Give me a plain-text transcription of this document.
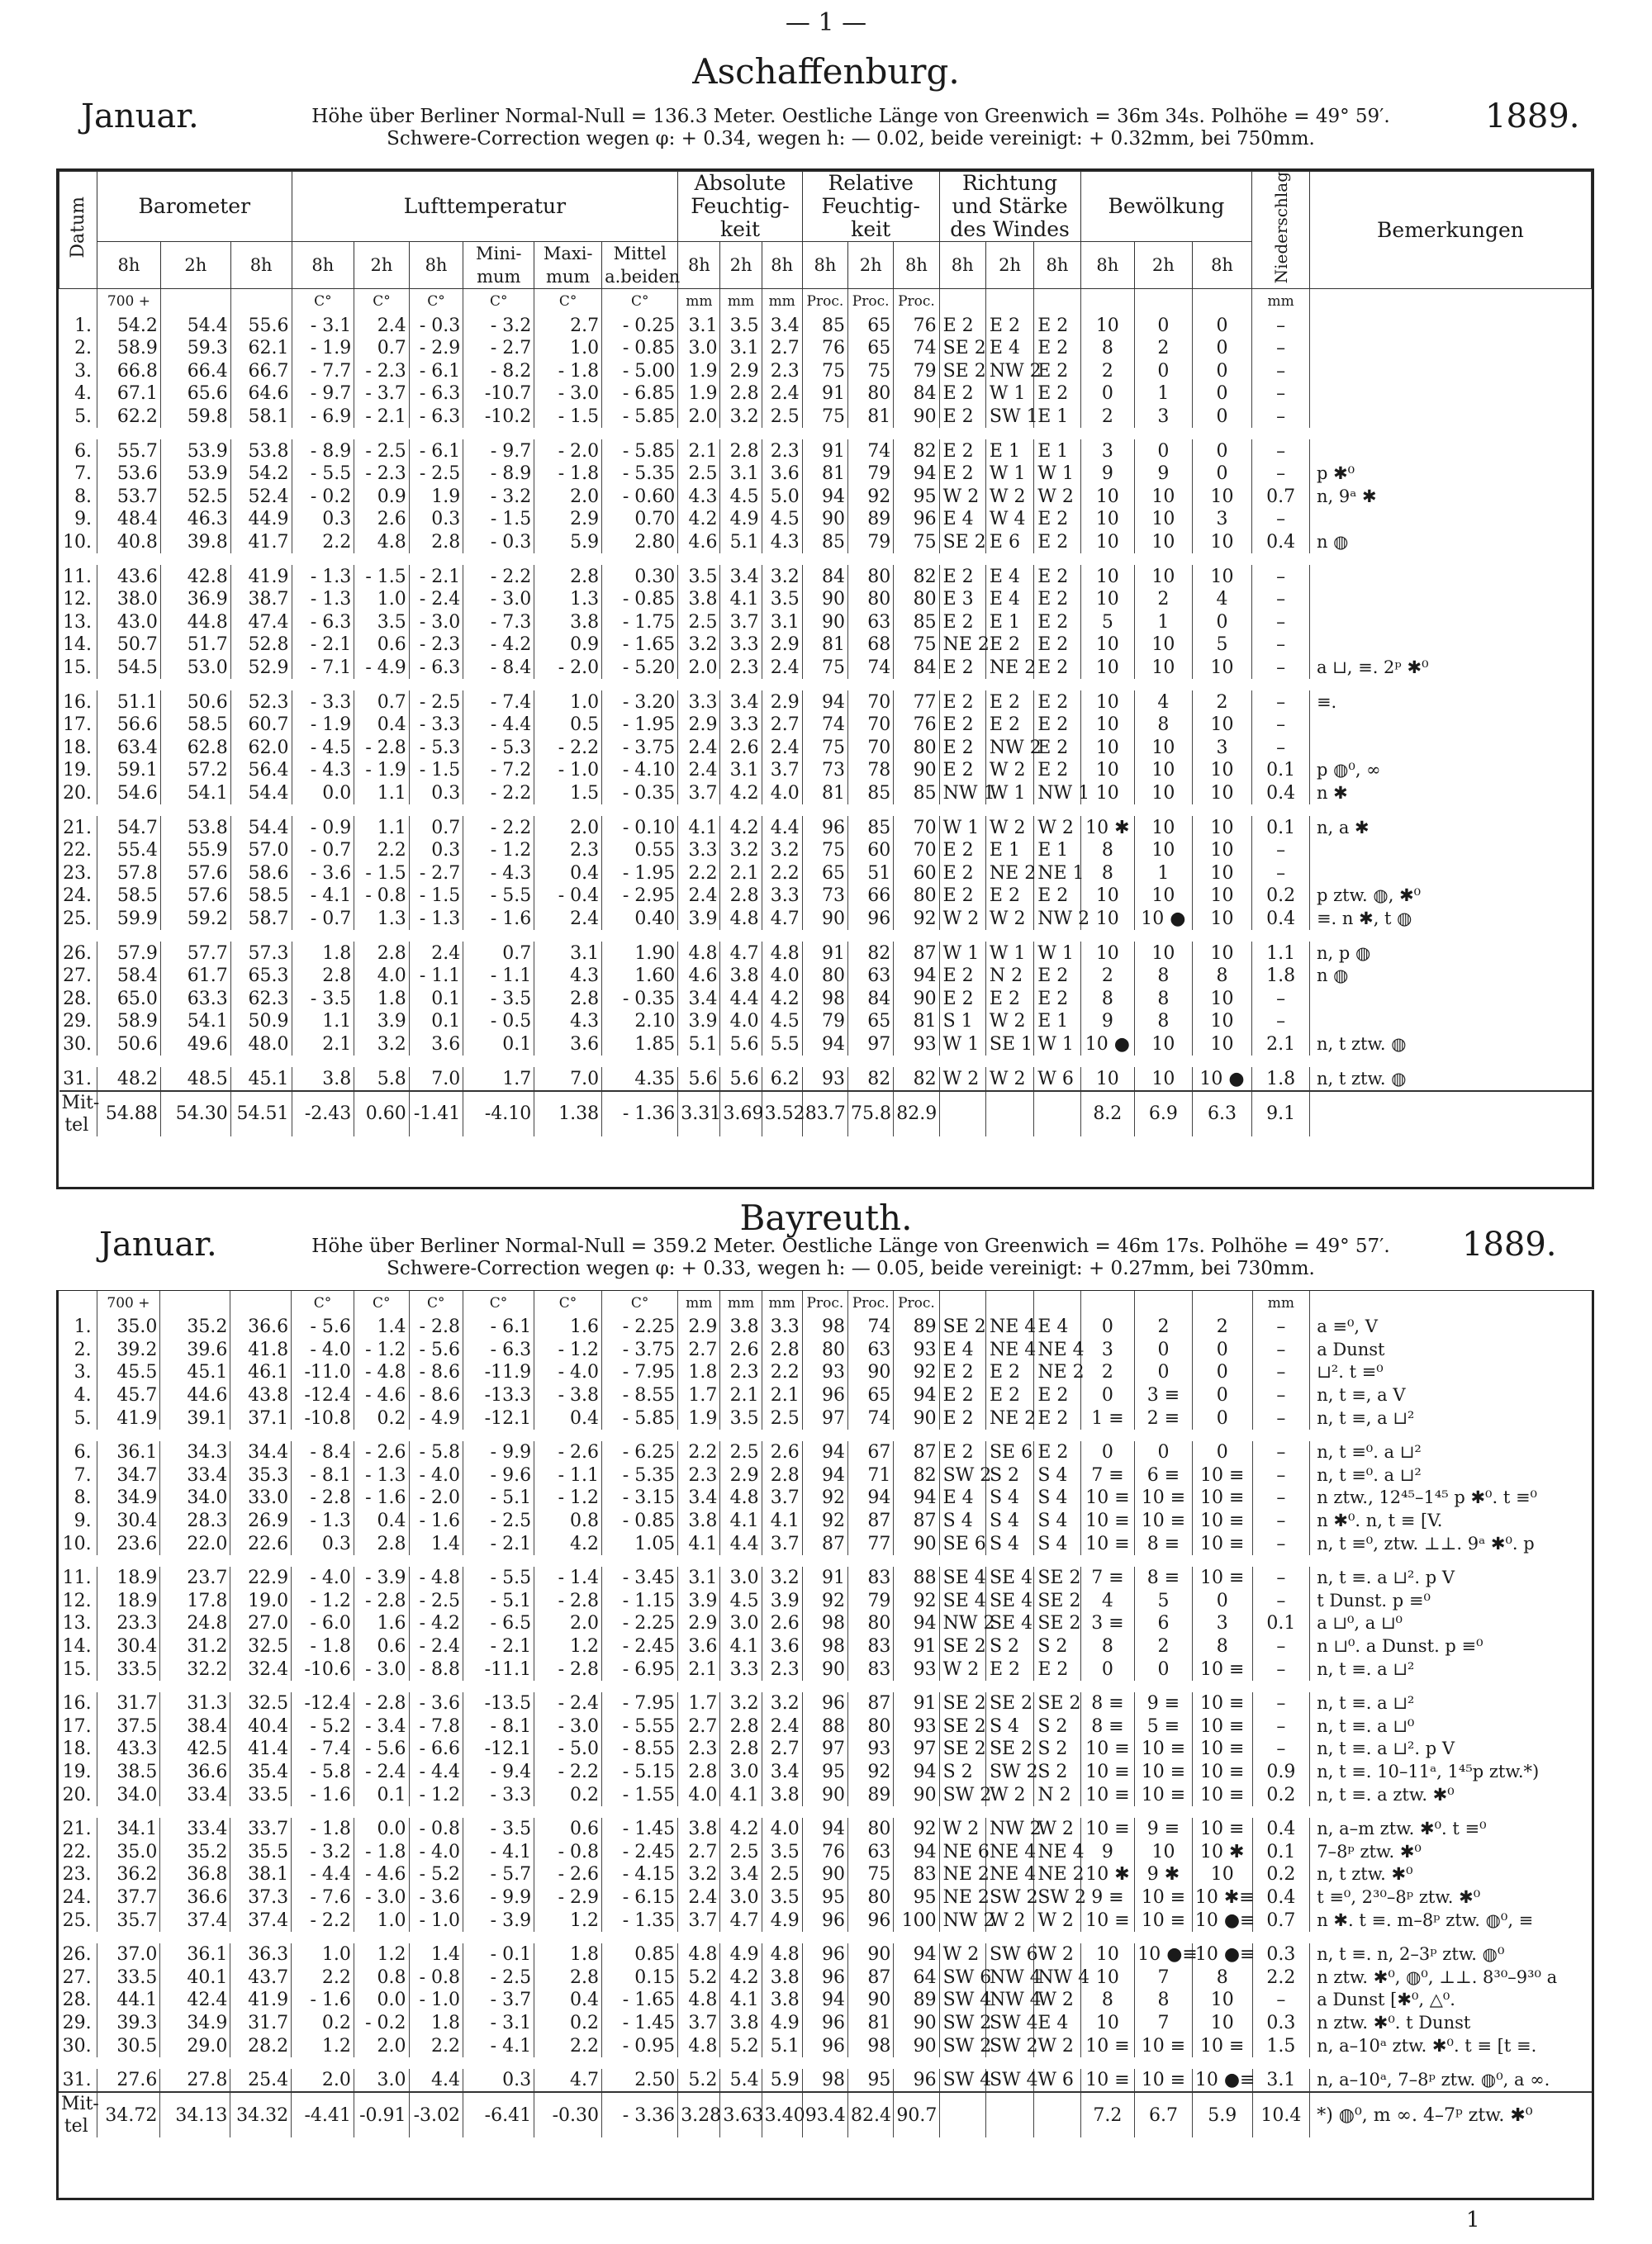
— 1 —
Aschaffenburg.
Januar.	1889.
Höhe über Berliner Normal-Null = 136.3 Meter. Oestliche Länge von Greenwich = 36m 34s. Polhöhe = 49° 59′.
Schwere-Correction wegen φ: + 0.34, wegen h: — 0.02, beide vereinigt: + 0.32mm, bei 750mm.
Datum	Barometer			Lufttemperatur						Absolute Feuchtig- keit			Relative Feuchtig- keit			Richtung und Stärke des Windes			Bewölkung			Niederschlag	Bemerkungen
	8h	2h	8h	8h	2h	8h	Mini- mum	Maxi- mum	Mittel a.beiden	8h	2h	8h	8h	2h	8h	8h	2h	8h	8h	2h	8h		
	700 +			C°	C°	C°	C°	C°	C°	mm	mm	mm	Proc.	Proc.	Proc.							mm	
1.	54.2	54.4	55.6	- 3.1	2.4	- 0.3	- 3.2	2.7	- 0.25	3.1	3.5	3.4	85	65	76	E 2	E 2	E 2	10	0	0	–	
2.	58.9	59.3	62.1	- 1.9	0.7	- 2.9	- 2.7	1.0	- 0.85	3.0	3.1	2.7	76	65	74	SE 2	E 4	E 2	8	2	0	–	
3.	66.8	66.4	66.7	- 7.7	- 2.3	- 6.1	- 8.2	- 1.8	- 5.00	1.9	2.9	2.3	75	75	79	SE 2	NW 2	E 2	2	0	0	–	
4.	67.1	65.6	64.6	- 9.7	- 3.7	- 6.3	-10.7	- 3.0	- 6.85	1.9	2.8	2.4	91	80	84	E 2	W 1	E 2	0	1	0	–	
5.	62.2	59.8	58.1	- 6.9	- 2.1	- 6.3	-10.2	- 1.5	- 5.85	2.0	3.2	2.5	75	81	90	E 2	SW 1	E 1	2	3	0	–	

6.	55.7	53.9	53.8	- 8.9	- 2.5	- 6.1	- 9.7	- 2.0	- 5.85	2.1	2.8	2.3	91	74	82	E 2	E 1	E 1	3	0	0	–	
7.	53.6	53.9	54.2	- 5.5	- 2.3	- 2.5	- 8.9	- 1.8	- 5.35	2.5	3.1	3.6	81	79	94	E 2	W 1	W 1	9	9	0	–	p ✱⁰
8.	53.7	52.5	52.4	- 0.2	0.9	1.9	- 3.2	2.0	- 0.60	4.3	4.5	5.0	94	92	95	W 2	W 2	W 2	10	10	10	0.7	n, 9ᵃ ✱
9.	48.4	46.3	44.9	0.3	2.6	0.3	- 1.5	2.9	0.70	4.2	4.9	4.5	90	89	96	E 4	W 4	E 2	10	10	3	–	
10.	40.8	39.8	41.7	2.2	4.8	2.8	- 0.3	5.9	2.80	4.6	5.1	4.3	85	79	75	SE 2	E 6	E 2	10	10	10	0.4	n ◍

11.	43.6	42.8	41.9	- 1.3	- 1.5	- 2.1	- 2.2	2.8	0.30	3.5	3.4	3.2	84	80	82	E 2	E 4	E 2	10	10	10	–	
12.	38.0	36.9	38.7	- 1.3	1.0	- 2.4	- 3.0	1.3	- 0.85	3.8	4.1	3.5	90	80	80	E 3	E 4	E 2	10	2	4	–	
13.	43.0	44.8	47.4	- 6.3	3.5	- 3.0	- 7.3	3.8	- 1.75	2.5	3.7	3.1	90	63	85	E 2	E 1	E 2	5	1	0	–	
14.	50.7	51.7	52.8	- 2.1	0.6	- 2.3	- 4.2	0.9	- 1.65	3.2	3.3	2.9	81	68	75	NE 2	E 2	E 2	10	10	5	–	
15.	54.5	53.0	52.9	- 7.1	- 4.9	- 6.3	- 8.4	- 2.0	- 5.20	2.0	2.3	2.4	75	74	84	E 2	NE 2	E 2	10	10	10	–	a ⊔, ≡. 2ᵖ ✱⁰

16.	51.1	50.6	52.3	- 3.3	0.7	- 2.5	- 7.4	1.0	- 3.20	3.3	3.4	2.9	94	70	77	E 2	E 2	E 2	10	4	2	–	≡.
17.	56.6	58.5	60.7	- 1.9	0.4	- 3.3	- 4.4	0.5	- 1.95	2.9	3.3	2.7	74	70	76	E 2	E 2	E 2	10	8	10	–	
18.	63.4	62.8	62.0	- 4.5	- 2.8	- 5.3	- 5.3	- 2.2	- 3.75	2.4	2.6	2.4	75	70	80	E 2	NW 2	E 2	10	10	3	–	
19.	59.1	57.2	56.4	- 4.3	- 1.9	- 1.5	- 7.2	- 1.0	- 4.10	2.4	3.1	3.7	73	78	90	E 2	W 2	E 2	10	10	10	0.1	p ◍⁰, ∞
20.	54.6	54.1	54.4	0.0	1.1	0.3	- 2.2	1.5	- 0.35	3.7	4.2	4.0	81	85	85	NW 1	W 1	NW 1	10	10	10	0.4	n ✱

21.	54.7	53.8	54.4	- 0.9	1.1	0.7	- 2.2	2.0	- 0.10	4.1	4.2	4.4	96	85	70	W 1	W 2	W 2	10 ✱	10	10	0.1	n, a ✱
22.	55.4	55.9	57.0	- 0.7	2.2	0.3	- 1.2	2.3	0.55	3.3	3.2	3.2	75	60	70	E 2	E 1	E 1	8	10	10	–	
23.	57.8	57.6	58.6	- 3.6	- 1.5	- 2.7	- 4.3	0.4	- 1.95	2.2	2.1	2.2	65	51	60	E 2	NE 2	NE 1	8	1	10	–	
24.	58.5	57.6	58.5	- 4.1	- 0.8	- 1.5	- 5.5	- 0.4	- 2.95	2.4	2.8	3.3	73	66	80	E 2	E 2	E 2	10	10	10	0.2	p ztw. ◍, ✱⁰
25.	59.9	59.2	58.7	- 0.7	1.3	- 1.3	- 1.6	2.4	0.40	3.9	4.8	4.7	90	96	92	W 2	W 2	NW 2	10	10 ●	10	0.4	≡. n ✱, t ◍

26.	57.9	57.7	57.3	1.8	2.8	2.4	0.7	3.1	1.90	4.8	4.7	4.8	91	82	87	W 1	W 1	W 1	10	10	10	1.1	n, p ◍
27.	58.4	61.7	65.3	2.8	4.0	- 1.1	- 1.1	4.3	1.60	4.6	3.8	4.0	80	63	94	E 2	N 2	E 2	2	8	8	1.8	n ◍
28.	65.0	63.3	62.3	- 3.5	1.8	0.1	- 3.5	2.8	- 0.35	3.4	4.4	4.2	98	84	90	E 2	E 2	E 2	8	8	10	–	
29.	58.9	54.1	50.9	1.1	3.9	0.1	- 0.5	4.3	2.10	3.9	4.0	4.5	79	65	81	S 1	W 2	E 1	9	8	10	–	
30.	50.6	49.6	48.0	2.1	3.2	3.6	0.1	3.6	1.85	5.1	5.6	5.5	94	97	93	W 1	SE 1	W 1	10 ●	10	10	2.1	n, t ztw. ◍

31.	48.2	48.5	45.1	3.8	5.8	7.0	1.7	7.0	4.35	5.6	5.6	6.2	93	82	82	W 2	W 2	W 6	10	10	10 ●	1.8	n, t ztw. ◍
Mit- tel	54.88	54.30	54.51	-2.43	0.60	-1.41	-4.10	1.38	- 1.36	3.31	3.69	3.52	83.7	75.8	82.9				8.2	6.9	6.3	9.1	
Bayreuth.
Januar.	1889.
Höhe über Berliner Normal-Null = 359.2 Meter. Oestliche Länge von Greenwich = 46m 17s. Polhöhe = 49° 57′.
Schwere-Correction wegen φ: + 0.33, wegen h: — 0.05, beide vereinigt: + 0.27mm, bei 730mm.
	700 +			C°	C°	C°	C°	C°	C°	mm	mm	mm	Proc.	Proc.	Proc.							mm	
1.	35.0	35.2	36.6	- 5.6	1.4	- 2.8	- 6.1	1.6	- 2.25	2.9	3.8	3.3	98	74	89	SE 2	NE 4	E 4	0	2	2	–	a ≡⁰, V
2.	39.2	39.6	41.8	- 4.0	- 1.2	- 5.6	- 6.3	- 1.2	- 3.75	2.7	2.6	2.8	80	63	93	E 4	NE 4	NE 4	3	0	0	–	a Dunst
3.	45.5	45.1	46.1	-11.0	- 4.8	- 8.6	-11.9	- 4.0	- 7.95	1.8	2.3	2.2	93	90	92	E 2	E 2	NE 2	2	0	0	–	⊔². t ≡⁰
4.	45.7	44.6	43.8	-12.4	- 4.6	- 8.6	-13.3	- 3.8	- 8.55	1.7	2.1	2.1	96	65	94	E 2	E 2	E 2	0	3 ≡	0	–	n, t ≡, a V
5.	41.9	39.1	37.1	-10.8	0.2	- 4.9	-12.1	0.4	- 5.85	1.9	3.5	2.5	97	74	90	E 2	NE 2	E 2	1 ≡	2 ≡	0	–	n, t ≡, a ⊔²

6.	36.1	34.3	34.4	- 8.4	- 2.6	- 5.8	- 9.9	- 2.6	- 6.25	2.2	2.5	2.6	94	67	87	E 2	SE 6	E 2	0	0	0	–	n, t ≡⁰. a ⊔²
7.	34.7	33.4	35.3	- 8.1	- 1.3	- 4.0	- 9.6	- 1.1	- 5.35	2.3	2.9	2.8	94	71	82	SW 2	S 2	S 4	7 ≡	6 ≡	10 ≡	–	n, t ≡⁰. a ⊔²
8.	34.9	34.0	33.0	- 2.8	- 1.6	- 2.0	- 5.1	- 1.2	- 3.15	3.4	4.8	3.7	92	94	94	E 4	S 4	S 4	10 ≡	10 ≡	10 ≡	–	n ztw., 12⁴⁵–1⁴⁵ p ✱⁰. t ≡⁰
9.	30.4	28.3	26.9	- 1.3	0.4	- 1.6	- 2.5	0.8	- 0.85	3.8	4.1	4.1	92	87	87	S 4	S 4	S 4	10 ≡	10 ≡	10 ≡	–	n ✱⁰. n, t ≡ [V.
10.	23.6	22.0	22.6	0.3	2.8	1.4	- 2.1	4.2	1.05	4.1	4.4	3.7	87	77	90	SE 6	S 4	S 4	10 ≡	8 ≡	10 ≡	–	n, t ≡⁰, ztw. ⊥⊥. 9ᵃ ✱⁰. p

11.	18.9	23.7	22.9	- 4.0	- 3.9	- 4.8	- 5.5	- 1.4	- 3.45	3.1	3.0	3.2	91	83	88	SE 4	SE 4	SE 2	7 ≡	8 ≡	10 ≡	–	n, t ≡. a ⊔². p V
12.	18.9	17.8	19.0	- 1.2	- 2.8	- 2.5	- 5.1	- 2.8	- 1.15	3.9	4.5	3.9	92	79	92	SE 4	SE 4	SE 2	4	5	0	–	t Dunst. p ≡⁰
13.	23.3	24.8	27.0	- 6.0	1.6	- 4.2	- 6.5	2.0	- 2.25	2.9	3.0	2.6	98	80	94	NW 2	SE 4	SE 2	3 ≡	6	3	0.1	a ⊔⁰, a ⊔⁰
14.	30.4	31.2	32.5	- 1.8	0.6	- 2.4	- 2.1	1.2	- 2.45	3.6	4.1	3.6	98	83	91	SE 2	S 2	S 2	8	2	8	–	n ⊔⁰. a Dunst. p ≡⁰
15.	33.5	32.2	32.4	-10.6	- 3.0	- 8.8	-11.1	- 2.8	- 6.95	2.1	3.3	2.3	90	83	93	W 2	E 2	E 2	0	0	10 ≡	–	n, t ≡. a ⊔²

16.	31.7	31.3	32.5	-12.4	- 2.8	- 3.6	-13.5	- 2.4	- 7.95	1.7	3.2	3.2	96	87	91	SE 2	SE 2	SE 2	8 ≡	9 ≡	10 ≡	–	n, t ≡. a ⊔²
17.	37.5	38.4	40.4	- 5.2	- 3.4	- 7.8	- 8.1	- 3.0	- 5.55	2.7	2.8	2.4	88	80	93	SE 2	S 4	S 2	8 ≡	5 ≡	10 ≡	–	n, t ≡. a ⊔⁰
18.	43.3	42.5	41.4	- 7.4	- 5.6	- 6.6	-12.1	- 5.0	- 8.55	2.3	2.8	2.7	97	93	97	SE 2	SE 2	S 2	10 ≡	10 ≡	10 ≡	–	n, t ≡. a ⊔². p V
19.	38.5	36.6	35.4	- 5.8	- 2.4	- 4.4	- 9.4	- 2.2	- 5.15	2.8	3.0	3.4	95	92	94	S 2	SW 2	S 2	10 ≡	10 ≡	10 ≡	0.9	n, t ≡. 10–11ᵃ, 1⁴⁵p ztw.*)
20.	34.0	33.4	33.5	- 1.6	0.1	- 1.2	- 3.3	0.2	- 1.55	4.0	4.1	3.8	90	89	90	SW 2	W 2	N 2	10 ≡	10 ≡	10 ≡	0.2	n, t ≡. a ztw. ✱⁰

21.	34.1	33.4	33.7	- 1.8	0.0	- 0.8	- 3.5	0.6	- 1.45	3.8	4.2	4.0	94	80	92	W 2	NW 2	W 2	10 ≡	9 ≡	10 ≡	0.4	n, a–m ztw. ✱⁰. t ≡⁰
22.	35.0	35.2	35.5	- 3.2	- 1.8	- 4.0	- 4.1	- 0.8	- 2.45	2.7	2.5	3.5	76	63	94	NE 6	NE 4	NE 4	9	10	10 ✱	0.1	7–8ᵖ ztw. ✱⁰
23.	36.2	36.8	38.1	- 4.4	- 4.6	- 5.2	- 5.7	- 2.6	- 4.15	3.2	3.4	2.5	90	75	83	NE 2	NE 4	NE 2	10 ✱	9 ✱	10	0.2	n, t ztw. ✱⁰
24.	37.7	36.6	37.3	- 7.6	- 3.0	- 3.6	- 9.9	- 2.9	- 6.15	2.4	3.0	3.5	95	80	95	NE 2	SW 2	SW 2	9 ≡	10 ≡	10 ✱≡	0.4	t ≡⁰, 2³⁰–8ᵖ ztw. ✱⁰
25.	35.7	37.4	37.4	- 2.2	1.0	- 1.0	- 3.9	1.2	- 1.35	3.7	4.7	4.9	96	96	100	NW 2	W 2	W 2	10 ≡	10 ≡	10 ●≡	0.7	n ✱. t ≡. m–8ᵖ ztw. ◍⁰, ≡

26.	37.0	36.1	36.3	1.0	1.2	1.4	- 0.1	1.8	0.85	4.8	4.9	4.8	96	90	94	W 2	SW 6	W 2	10	10 ●≡	10 ●≡	0.3	n, t ≡. n, 2–3ᵖ ztw. ◍⁰
27.	33.5	40.1	43.7	2.2	0.8	- 0.8	- 2.5	2.8	0.15	5.2	4.2	3.8	96	87	64	SW 6	NW 4	NW 4	10	7	8	2.2	n ztw. ✱⁰, ◍⁰, ⊥⊥. 8³⁰–9³⁰ a
28.	44.1	42.4	41.9	- 1.6	0.0	- 1.0	- 3.7	0.4	- 1.65	4.8	4.1	3.8	94	90	89	SW 4	NW 4	W 2	8	8	10	–	a Dunst [✱⁰, △⁰.
29.	39.3	34.9	31.7	0.2	- 0.2	1.8	- 3.1	0.2	- 1.45	3.7	3.8	4.9	96	81	90	SW 2	SW 4	E 4	10	7	10	0.3	n ztw. ✱⁰. t Dunst
30.	30.5	29.0	28.2	1.2	2.0	2.2	- 4.1	2.2	- 0.95	4.8	5.2	5.1	96	98	90	SW 2	SW 2	W 2	10 ≡	10 ≡	10 ≡	1.5	n, a–10ᵃ ztw. ✱⁰. t ≡ [t ≡.

31.	27.6	27.8	25.4	2.0	3.0	4.4	0.3	4.7	2.50	5.2	5.4	5.9	98	95	96	SW 4	SW 4	W 6	10 ≡	10 ≡	10 ●≡	3.1	n, a–10ᵃ, 7–8ᵖ ztw. ◍⁰, a ∞.
Mit- tel	34.72	34.13	34.32	-4.41	-0.91	-3.02	-6.41	-0.30	- 3.36	3.28	3.63	3.40	93.4	82.4	90.7				7.2	6.7	5.9	10.4	*) ◍⁰, m ∞. 4–7ᵖ ztw. ✱⁰
1
